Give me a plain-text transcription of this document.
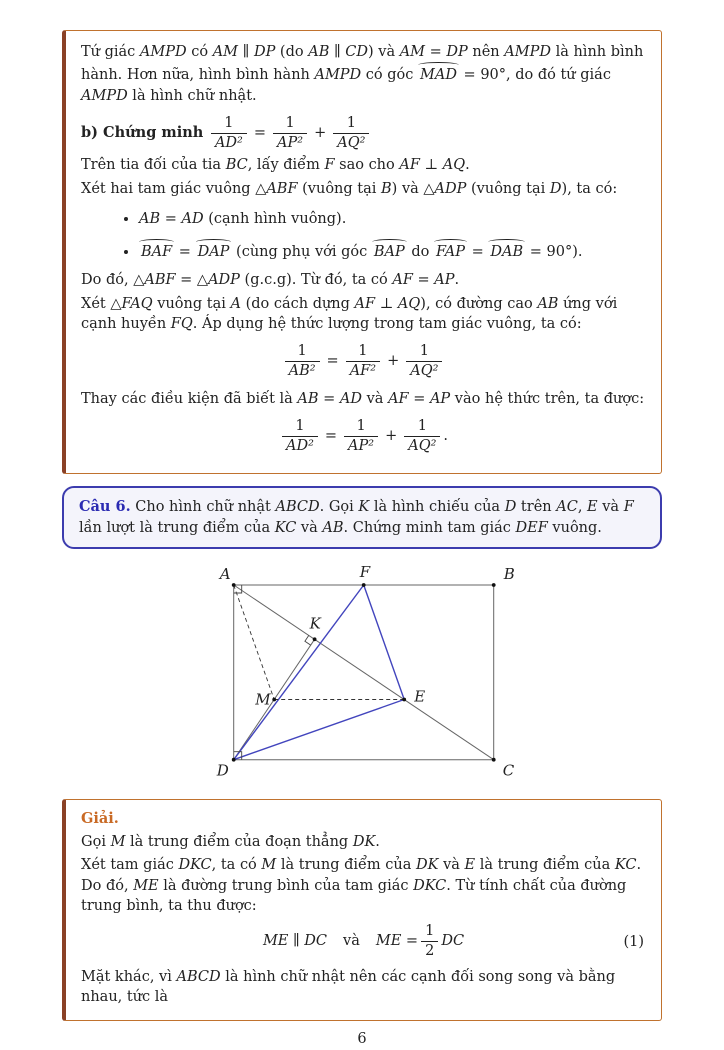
Tứ giác AMPD có AM ∥ DP (do AB ∥ CD) và AM = DP nên AMPD là hình bình hành. Hơn nữa, hình bình hành AMPD có góc MAD = 90°, do đó tứ giác AMPD là hình chữ nhật.

b) Chứng minh $\frac{1}{\text{AD²}} = \frac{1}{\text{AP²}} + \frac{1}{\text{AQ²}}$

Trên tia đối của tia BC, lấy điểm F sao cho AF ⊥ AQ.

Xét hai tam giác vuông △ABF (vuông tại B) và △ADP (vuông tại D), ta có:

• AB = AD (cạnh hình vuông).
• BAF = DAP (cùng phụ với góc BAP do FAP = DAB = 90°).

Do đó, △ABF = △ADP (g.c.g). Từ đó, ta có AF = AP.

Xét △FAQ vuông tại A (do cách dựng AF ⊥ AQ), có đường cao AB ứng với cạnh huyền FQ. Áp dụng hệ thức lượng trong tam giác vuông, ta có:

$\frac{1}{\text{AB²}} = \frac{1}{\text{AF²}} + \frac{1}{\text{AQ²}}$

Thay các điều kiện đã biết là AB = AD và AF = AP vào hệ thức trên, ta được:

$\frac{1}{\text{AD²}} = \frac{1}{\text{AP²}} + \frac{1}{\text{AQ²}}$ .
Câu 6. Cho hình chữ nhật ABCD. Gọi K là hình chiếu của D trên AC, E và F lần lượt là trung điểm của KC và AB. Chứng minh tam giác DEF vuông.
A	B
C
D
F
K
M	E
Giải.

Gọi M là trung điểm của đoạn thẳng DK.

Xét tam giác DKC, ta có M là trung điểm của DK và E là trung điểm của KC. Do đó, ME là đường trung bình của tam giác DKC. Từ tính chất của đường trung bình, ta thu được:

ME ∥ DC và ME = $\frac{1}{2}$ DC	(1)

Mặt khác, vì ABCD là hình chữ nhật nên các cạnh đối song song và bằng nhau, tức là

6
